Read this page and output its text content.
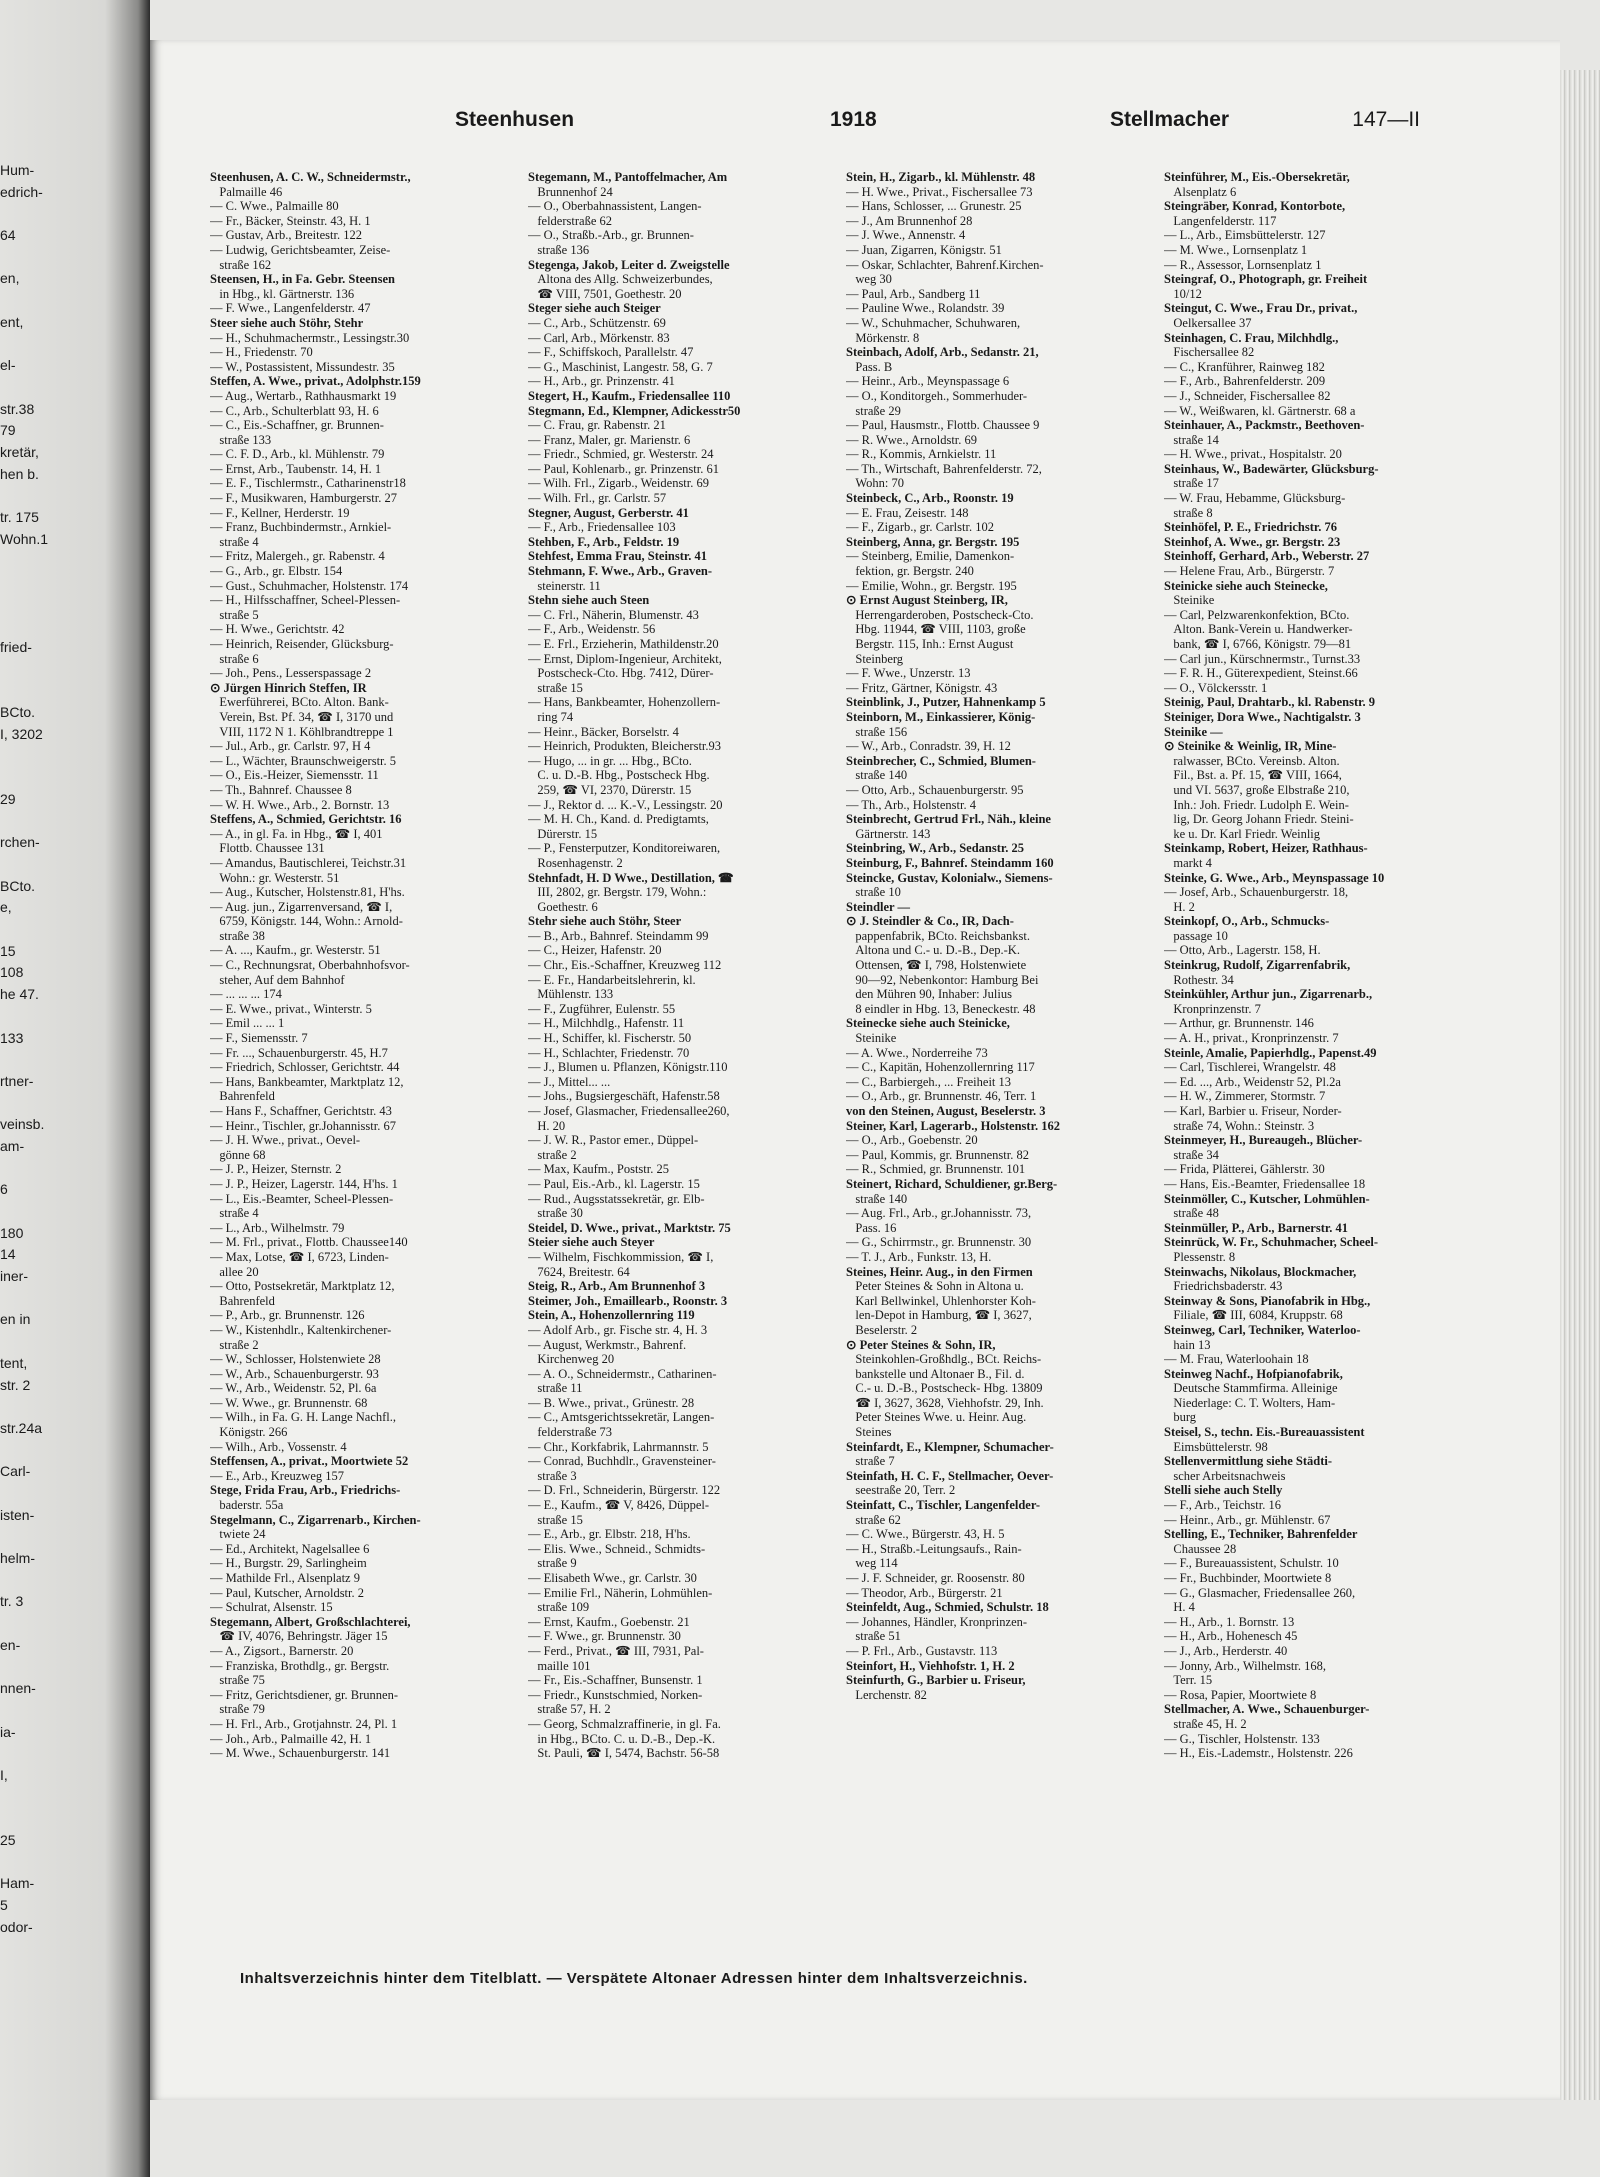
Hum-
edrich-

64

en,

ent,

el-

str.38
79
kretär,
hen b.

tr. 175
Wohn.1

fried-

BCto.
I, 3202

29

rchen-

BCto.
e,

15
108
he 47.

133

rtner-

veinsb.
am-

6

180
14
iner-

en in

tent,
str. 2

str.24a

Carl-

isten-

helm-

tr. 3

en-

nnen-

ia-

I,

25

Ham-
5
odor-
Steenhusen	1918	Stellmacher	147—II
Steenhusen, A. C. W., Schneidermstr.,
Palmaille 46
— C. Wwe., Palmaille 80
— Fr., Bäcker, Steinstr. 43, H. 1
— Gustav, Arb., Breitestr. 122
— Ludwig, Gerichtsbeamter, Zeise-
straße 162
Steensen, H., in Fa. Gebr. Steensen
in Hbg., kl. Gärtnerstr. 136
— F. Wwe., Langenfelderstr. 47
Steer siehe auch Stöhr, Stehr
— H., Schuhmachermstr., Lessingstr.30
— H., Friedenstr. 70
— W., Postassistent, Missundestr. 35
Steffen, A. Wwe., privat., Adolphstr.159
— Aug., Wertarb., Rathhausmarkt 19
— C., Arb., Schulterblatt 93, H. 6
— C., Eis.-Schaffner, gr. Brunnen-
straße 133
— C. F. D., Arb., kl. Mühlenstr. 79
— Ernst, Arb., Taubenstr. 14, H. 1
— E. F., Tischlermstr., Catharinenstr18
— F., Musikwaren, Hamburgerstr. 27
— F., Kellner, Herderstr. 19
— Franz, Buchbindermstr., Arnkiel-
straße 4
— Fritz, Malergeh., gr. Rabenstr. 4
— G., Arb., gr. Elbstr. 154
— Gust., Schuhmacher, Holstenstr. 174
— H., Hilfsschaffner, Scheel-Plessen-
straße 5
— H. Wwe., Gerichtstr. 42
— Heinrich, Reisender, Glücksburg-
straße 6
— Joh., Pens., Lesserspassage 2
⊙ Jürgen Hinrich Steffen, IR
Ewerführerei, BCto. Alton. Bank-
Verein, Bst. Pf. 34, ☎ I, 3170 und
VIII, 1172 N 1. Köhlbrandtreppe 1
— Jul., Arb., gr. Carlstr. 97, H 4
— L., Wächter, Braunschweigerstr. 5
— O., Eis.-Heizer, Siemensstr. 11
— Th., Bahnref. Chaussee 8
— W. H. Wwe., Arb., 2. Bornstr. 13
Steffens, A., Schmied, Gerichtstr. 16
— A., in gl. Fa. in Hbg., ☎ I, 401
Flottb. Chaussee 131
— Amandus, Bautischlerei, Teichstr.31
Wohn.: gr. Westerstr. 51
— Aug., Kutscher, Holstenstr.81, H'hs.
— Aug. jun., Zigarrenversand, ☎ I,
6759, Königstr. 144, Wohn.: Arnold-
straße 38
— A. ..., Kaufm., gr. Westerstr. 51
— C., Rechnungsrat, Oberbahnhofsvor-
steher, Auf dem Bahnhof
— ... ... ... 174
— E. Wwe., privat., Winterstr. 5
— Emil ... ... 1
— F., Siemensstr. 7
— Fr. ..., Schauenburgerstr. 45, H.7
— Friedrich, Schlosser, Gerichtstr. 44
— Hans, Bankbeamter, Marktplatz 12,
Bahrenfeld
— Hans F., Schaffner, Gerichtstr. 43
— Heinr., Tischler, gr.Johannisstr. 67
— J. H. Wwe., privat., Oevel-
gönne 68
— J. P., Heizer, Sternstr. 2
— J. P., Heizer, Lagerstr. 144, H'hs. 1
— L., Eis.-Beamter, Scheel-Plessen-
straße 4
— L., Arb., Wilhelmstr. 79
— M. Frl., privat., Flottb. Chaussee140
— Max, Lotse, ☎ I, 6723, Linden-
allee 20
— Otto, Postsekretär, Marktplatz 12,
Bahrenfeld
— P., Arb., gr. Brunnenstr. 126
— W., Kistenhdlr., Kaltenkirchener-
straße 2
— W., Schlosser, Holstenwiete 28
— W., Arb., Schauenburgerstr. 93
— W., Arb., Weidenstr. 52, Pl. 6a
— W. Wwe., gr. Brunnenstr. 68
— Wilh., in Fa. G. H. Lange Nachfl.,
Königstr. 266
— Wilh., Arb., Vossenstr. 4
Steffensen, A., privat., Moortwiete 52
— E., Arb., Kreuzweg 157
Stege, Frida Frau, Arb., Friedrichs-
baderstr. 55a
Stegelmann, C., Zigarrenarb., Kirchen-
twiete 24
— Ed., Architekt, Nagelsallee 6
— H., Burgstr. 29, Sarlingheim
— Mathilde Frl., Alsenplatz 9
— Paul, Kutscher, Arnoldstr. 2
— Schulrat, Alsenstr. 15
Stegemann, Albert, Großschlachterei,
☎ IV, 4076, Behringstr. Jäger 15
— A., Zigsort., Barnerstr. 20
— Franziska, Brothdlg., gr. Bergstr.
straße 75
— Fritz, Gerichtsdiener, gr. Brunnen-
straße 79
— H. Frl., Arb., Grotjahnstr. 24, Pl. 1
— Joh., Arb., Palmaille 42, H. 1
— M. Wwe., Schauenburgerstr. 141
Stegemann, M., Pantoffelmacher, Am
Brunnenhof 24
— O., Oberbahnassistent, Langen-
felderstraße 62
— O., Straßb.-Arb., gr. Brunnen-
straße 136
Stegenga, Jakob, Leiter d. Zweigstelle
Altona des Allg. Schweizerbundes,
☎ VIII, 7501, Goethestr. 20
Steger siehe auch Steiger
— C., Arb., Schützenstr. 69
— Carl, Arb., Mörkenstr. 83
— F., Schiffskoch, Parallelstr. 47
— G., Maschinist, Langestr. 58, G. 7
— H., Arb., gr. Prinzenstr. 41
Stegert, H., Kaufm., Friedensallee 110
Stegmann, Ed., Klempner, Adickesstr50
— C. Frau, gr. Rabenstr. 21
— Franz, Maler, gr. Marienstr. 6
— Friedr., Schmied, gr. Westerstr. 24
— Paul, Kohlenarb., gr. Prinzenstr. 61
— Wilh. Frl., Zigarb., Weidenstr. 69
— Wilh. Frl., gr. Carlstr. 57
Stegner, August, Gerberstr. 41
— F., Arb., Friedensallee 103
Stehben, F., Arb., Feldstr. 19
Stehfest, Emma Frau, Steinstr. 41
Stehmann, F. Wwe., Arb., Graven-
steinerstr. 11
Stehn siehe auch Steen
— C. Frl., Näherin, Blumenstr. 43
— F., Arb., Weidenstr. 56
— E. Frl., Erzieherin, Mathildenstr.20
— Ernst, Diplom-Ingenieur, Architekt,
Postscheck-Cto. Hbg. 7412, Dürer-
straße 15
— Hans, Bankbeamter, Hohenzollern-
ring 74
— Heinr., Bäcker, Borselstr. 4
— Heinrich, Produkten, Bleicherstr.93
— Hugo, ... in gr. ... Hbg., BCto.
C. u. D.-B. Hbg., Postscheck Hbg.
259, ☎ VI, 2370, Dürerstr. 15
— J., Rektor d. ... K.-V., Lessingstr. 20
— M. H. Ch., Kand. d. Predigtamts,
Dürerstr. 15
— P., Fensterputzer, Konditoreiwaren,
Rosenhagenstr. 2
Stehnfadt, H. D Wwe., Destillation, ☎
III, 2802, gr. Bergstr. 179, Wohn.:
Goethestr. 6
Stehr siehe auch Stöhr, Steer
— B., Arb., Bahnref. Steindamm 99
— C., Heizer, Hafenstr. 20
— Chr., Eis.-Schaffner, Kreuzweg 112
— E. Fr., Handarbeitslehrerin, kl.
Mühlenstr. 133
— F., Zugführer, Eulenstr. 55
— H., Milchhdlg., Hafenstr. 11
— H., Schiffer, kl. Fischerstr. 50
— H., Schlachter, Friedenstr. 70
— J., Blumen u. Pflanzen, Königstr.110
— J., Mittel... ...
— Johs., Bugsiergeschäft, Hafenstr.58
— Josef, Glasmacher, Friedensallee260,
H. 20
— J. W. R., Pastor emer., Düppel-
straße 2
— Max, Kaufm., Poststr. 25
— Paul, Eis.-Arb., kl. Lagerstr. 15
— Rud., Augsstatssekretär, gr. Elb-
straße 30
Steidel, D. Wwe., privat., Marktstr. 75
Steier siehe auch Steyer
— Wilhelm, Fischkommission, ☎ I,
7624, Breitestr. 64
Steig, R., Arb., Am Brunnenhof 3
Steimer, Joh., Emaillearb., Roonstr. 3
Stein, A., Hohenzollernring 119
— Adolf Arb., gr. Fische str. 4, H. 3
— August, Werkmstr., Bahrenf.
Kirchenweg 20
— A. O., Schneidermstr., Catharinen-
straße 11
— B. Wwe., privat., Grünestr. 28
— C., Amtsgerichtssekretär, Langen-
felderstraße 73
— Chr., Korkfabrik, Lahrmannstr. 5
— Conrad, Buchhdlr., Gravensteiner-
straße 3
— D. Frl., Schneiderin, Bürgerstr. 122
— E., Kaufm., ☎ V, 8426, Düppel-
straße 15
— E., Arb., gr. Elbstr. 218, H'hs.
— Elis. Wwe., Schneid., Schmidts-
straße 9
— Elisabeth Wwe., gr. Carlstr. 30
— Emilie Frl., Näherin, Lohmühlen-
straße 109
— Ernst, Kaufm., Goebenstr. 21
— F. Wwe., gr. Brunnenstr. 30
— Ferd., Privat., ☎ III, 7931, Pal-
maille 101
— Fr., Eis.-Schaffner, Bunsenstr. 1
— Friedr., Kunstschmied, Norken-
straße 57, H. 2
— Georg, Schmalzraffinerie, in gl. Fa.
in Hbg., BCto. C. u. D.-B., Dep.-K.
St. Pauli, ☎ I, 5474, Bachstr. 56-58
Stein, H., Zigarb., kl. Mühlenstr. 48
— H. Wwe., Privat., Fischersallee 73
— Hans, Schlosser, ... Grunestr. 25
— J., Am Brunnenhof 28
— J. Wwe., Annenstr. 4
— Juan, Zigarren, Königstr. 51
— Oskar, Schlachter, Bahrenf.Kirchen-
weg 30
— Paul, Arb., Sandberg 11
— Pauline Wwe., Rolandstr. 39
— W., Schuhmacher, Schuhwaren,
Mörkenstr. 8
Steinbach, Adolf, Arb., Sedanstr. 21,
Pass. B
— Heinr., Arb., Meynspassage 6
— O., Konditorgeh., Sommerhuder-
straße 29
— Paul, Hausmstr., Flottb. Chaussee 9
— R. Wwe., Arnoldstr. 69
— R., Kommis, Arnkielstr. 11
— Th., Wirtschaft, Bahrenfelderstr. 72,
Wohn: 70
Steinbeck, C., Arb., Roonstr. 19
— E. Frau, Zeisestr. 148
— F., Zigarb., gr. Carlstr. 102
Steinberg, Anna, gr. Bergstr. 195
— Steinberg, Emilie, Damenkon-
fektion, gr. Bergstr. 240
— Emilie, Wohn., gr. Bergstr. 195
⊙ Ernst August Steinberg, IR,
Herrengarderoben, Postscheck-Cto.
Hbg. 11944, ☎ VIII, 1103, große
Bergstr. 115, Inh.: Ernst August
Steinberg
— F. Wwe., Unzerstr. 13
— Fritz, Gärtner, Königstr. 43
Steinblink, J., Putzer, Hahnenkamp 5
Steinborn, M., Einkassierer, König-
straße 156
— W., Arb., Conradstr. 39, H. 12
Steinbrecher, C., Schmied, Blumen-
straße 140
— Otto, Arb., Schauenburgerstr. 95
— Th., Arb., Holstenstr. 4
Steinbrecht, Gertrud Frl., Näh., kleine
Gärtnerstr. 143
Steinbring, W., Arb., Sedanstr. 25
Steinburg, F., Bahnref. Steindamm 160
Steincke, Gustav, Kolonialw., Siemens-
straße 10
Steindler —
⊙ J. Steindler & Co., IR, Dach-
pappenfabrik, BCto. Reichsbankst.
Altona und C.- u. D.-B., Dep.-K.
Ottensen, ☎ I, 798, Holstenwiete
90—92, Nebenkontor: Hamburg Bei
den Mühren 90, Inhaber: Julius
8 eindler in Hbg. 13, Beneckestr. 48
Steinecke siehe auch Steinicke,
Steinike
— A. Wwe., Norderreihe 73
— C., Kapitän, Hohenzollernring 117
— C., Barbiergeh., ... Freiheit 13
— O., Arb., gr. Brunnenstr. 46, Terr. 1
von den Steinen, August, Beselerstr. 3
Steiner, Karl, Lagerarb., Holstenstr. 162
— O., Arb., Goebenstr. 20
— Paul, Kommis, gr. Brunnenstr. 82
— R., Schmied, gr. Brunnenstr. 101
Steinert, Richard, Schuldiener, gr.Berg-
straße 140
— Aug. Frl., Arb., gr.Johannisstr. 73,
Pass. 16
— G., Schirrmstr., gr. Brunnenstr. 30
— T. J., Arb., Funkstr. 13, H.
Steines, Heinr. Aug., in den Firmen
Peter Steines & Sohn in Altona u.
Karl Bellwinkel, Uhlenhorster Koh-
len-Depot in Hamburg, ☎ I, 3627,
Beselerstr. 2
⊙ Peter Steines & Sohn, IR,
Steinkohlen-Großhdlg., BCt. Reichs-
bankstelle und Altonaer B., Fil. d.
C.- u. D.-B., Postscheck- Hbg. 13809
☎ I, 3627, 3628, Viehhofstr. 29, Inh.
Peter Steines Wwe. u. Heinr. Aug.
Steines
Steinfardt, E., Klempner, Schumacher-
straße 7
Steinfath, H. C. F., Stellmacher, Oever-
seestraße 20, Terr. 2
Steinfatt, C., Tischler, Langenfelder-
straße 62
— C. Wwe., Bürgerstr. 43, H. 5
— H., Straßb.-Leitungsaufs., Rain-
weg 114
— J. F. Schneider, gr. Roosenstr. 80
— Theodor, Arb., Bürgerstr. 21
Steinfeldt, Aug., Schmied, Schulstr. 18
— Johannes, Händler, Kronprinzen-
straße 51
— P. Frl., Arb., Gustavstr. 113
Steinfort, H., Viehhofstr. 1, H. 2
Steinfurth, G., Barbier u. Friseur,
Lerchenstr. 82
Steinführer, M., Eis.-Obersekretär,
Alsenplatz 6
Steingräber, Konrad, Kontorbote,
Langenfelderstr. 117
— L., Arb., Eimsbüttelerstr. 127
— M. Wwe., Lornsenplatz 1
— R., Assessor, Lornsenplatz 1
Steingraf, O., Photograph, gr. Freiheit
10/12
Steingut, C. Wwe., Frau Dr., privat.,
Oelkersallee 37
Steinhagen, C. Frau, Milchhdlg.,
Fischersallee 82
— C., Kranführer, Rainweg 182
— F., Arb., Bahrenfelderstr. 209
— J., Schneider, Fischersallee 82
— W., Weißwaren, kl. Gärtnerstr. 68 a
Steinhauer, A., Packmstr., Beethoven-
straße 14
— H. Wwe., privat., Hospitalstr. 20
Steinhaus, W., Badewärter, Glücksburg-
straße 17
— W. Frau, Hebamme, Glücksburg-
straße 8
Steinhöfel, P. E., Friedrichstr. 76
Steinhof, A. Wwe., gr. Bergstr. 23
Steinhoff, Gerhard, Arb., Weberstr. 27
— Helene Frau, Arb., Bürgerstr. 7
Steinicke siehe auch Steinecke,
Steinike
— Carl, Pelzwarenkonfektion, BCto.
Alton. Bank-Verein u. Handwerker-
bank, ☎ I, 6766, Königstr. 79—81
— Carl jun., Kürschnermstr., Turnst.33
— F. R. H., Güterexpedient, Steinst.66
— O., Völckersstr. 1
Steinig, Paul, Drahtarb., kl. Rabenstr. 9
Steiniger, Dora Wwe., Nachtigalstr. 3
Steinike —
⊙ Steinike & Weinlig, IR, Mine-
ralwasser, BCto. Vereinsb. Alton.
Fil., Bst. a. Pf. 15, ☎ VIII, 1664,
und VI. 5637, große Elbstraße 210,
Inh.: Joh. Friedr. Ludolph E. Wein-
lig, Dr. Georg Johann Friedr. Steini-
ke u. Dr. Karl Friedr. Weinlig
Steinkamp, Robert, Heizer, Rathhaus-
markt 4
Steinke, G. Wwe., Arb., Meynspassage 10
— Josef, Arb., Schauenburgerstr. 18,
H. 2
Steinkopf, O., Arb., Schmucks-
passage 10
— Otto, Arb., Lagerstr. 158, H.
Steinkrug, Rudolf, Zigarrenfabrik,
Rothestr. 34
Steinkühler, Arthur jun., Zigarrenarb.,
Kronprinzenstr. 7
— Arthur, gr. Brunnenstr. 146
— A. H., privat., Kronprinzenstr. 7
Steinle, Amalie, Papierhdlg., Papenst.49
— Carl, Tischlerei, Wrangelstr. 48
— Ed. ..., Arb., Weidenstr 52, Pl.2a
— H. W., Zimmerer, Stormstr. 7
— Karl, Barbier u. Friseur, Norder-
straße 74, Wohn.: Steinstr. 3
Steinmeyer, H., Bureaugeh., Blücher-
straße 34
— Frida, Plätterei, Gählerstr. 30
— Hans, Eis.-Beamter, Friedensallee 18
Steinmöller, C., Kutscher, Lohmühlen-
straße 48
Steinmüller, P., Arb., Barnerstr. 41
Steinrück, W. Fr., Schuhmacher, Scheel-
Plessenstr. 8
Steinwachs, Nikolaus, Blockmacher,
Friedrichsbaderstr. 43
Steinway & Sons, Pianofabrik in Hbg.,
Filiale, ☎ III, 6084, Kruppstr. 68
Steinweg, Carl, Techniker, Waterloo-
hain 13
— M. Frau, Waterloohain 18
Steinweg Nachf., Hofpianofabrik,
Deutsche Stammfirma. Alleinige
Niederlage: C. T. Wolters, Ham-
burg
Steisel, S., techn. Eis.-Bureauassistent
Eimsbüttelerstr. 98
Stellenvermittlung siehe Städti-
scher Arbeitsnachweis
Stelli siehe auch Stelly
— F., Arb., Teichstr. 16
— Heinr., Arb., gr. Mühlenstr. 67
Stelling, E., Techniker, Bahrenfelder
Chaussee 28
— F., Bureauassistent, Schulstr. 10
— Fr., Buchbinder, Moortwiete 8
— G., Glasmacher, Friedensallee 260,
H. 4
— H., Arb., 1. Bornstr. 13
— H., Arb., Hohenesch 45
— J., Arb., Herderstr. 40
— Jonny, Arb., Wilhelmstr. 168,
Terr. 15
— Rosa, Papier, Moortwiete 8
Stellmacher, A. Wwe., Schauenburger-
straße 45, H. 2
— G., Tischler, Holstenstr. 133
— H., Eis.-Lademstr., Holstenstr. 226
Inhaltsverzeichnis hinter dem Titelblatt. — Verspätete Altonaer Adressen hinter dem Inhaltsverzeichnis.
